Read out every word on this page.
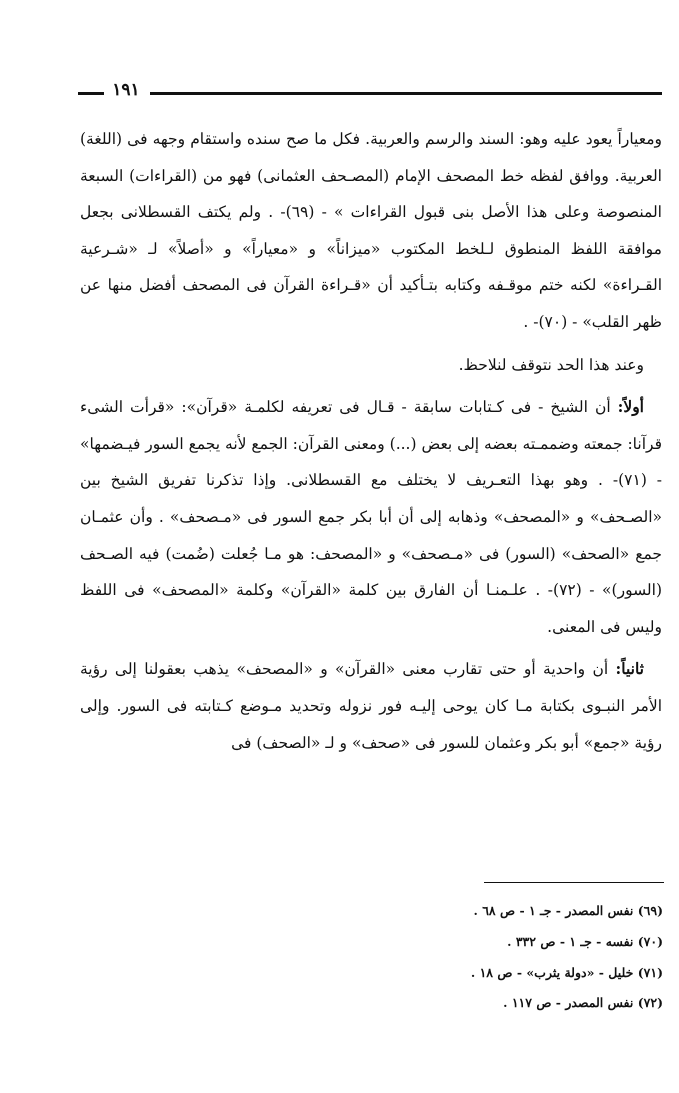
١٩١

ومعياراً يعود عليه وهو: السند والرسم والعربية. فكل ما صح سنده واستقام وجهه فى (اللغة) العربية. ووافق لفظه خط المصحف الإمام (المصـحف العثمانى) فهو من (القراءات) السبعة المنصوصة وعلى هذا الأصل بنى قبول القراءات » - (٦٩)- . ولم يكتف القسطلانى بجعل موافقة اللفظ المنطوق لـلخط المكتوب «ميزاناً» و «معياراً» و «أصلاً» لـ «شـرعية القـراءة» لكنه ختم موقـفه وكتابه بتـأكيد أن «قـراءة القرآن فى المصحف أفضل منها عن ظهر القلب» - (٧٠)- .

وعند هذا الحد نتوقف لنلاحظ.

أولاً: أن الشيخ - فى كـتابات سابقة - قـال فى تعريفه لكلمـة «قرآن»: «قرأت الشىء قرآنا: جمعته وضممـته بعضه إلى بعض (...) ومعنى القرآن: الجمع لأنه يجمع السور فيـضمها» - (٧١)- . وهو بهذا التعـريف لا يختلف مع القسطلانى. وإذا تذكرنا تفريق الشيخ بين «الصـحف» و «المصحف» وذهابه إلى أن أبا بكر جمع السور فى «مـصحف» . وأن عثمـان جمع «الصحف» (السور) فى «مـصحف» و «المصحف: هو مـا جُعلت (ضُمت) فيه الصـحف (السور)» - (٧٢)- . علـمنـا أن الفارق بين كلمة «القرآن» وكلمة «المصحف» فى اللفظ وليس فى المعنى.

ثانياً: أن واحدية أو حتى تقارب معنى «القرآن» و «المصحف» يذهب بعقولنا إلى رؤية الأمر النبـوى بكتابة مـا كان يوحى إليـه فور نزوله وتحديد مـوضع كـتابته فى السور. وإلى رؤية «جمع» أبو بكر وعثمان للسور فى «صحف» و لـ «الصحف) فى

(٦٩) نفس المصدر - جـ ١ - ص ٦٨ .

(٧٠) نفسه - جـ ١ - ص ٣٣٢ .

(٧١) خليل - «دولة يثرب» - ص ١٨ .

(٧٢) نفس المصدر - ص ١١٧ .
